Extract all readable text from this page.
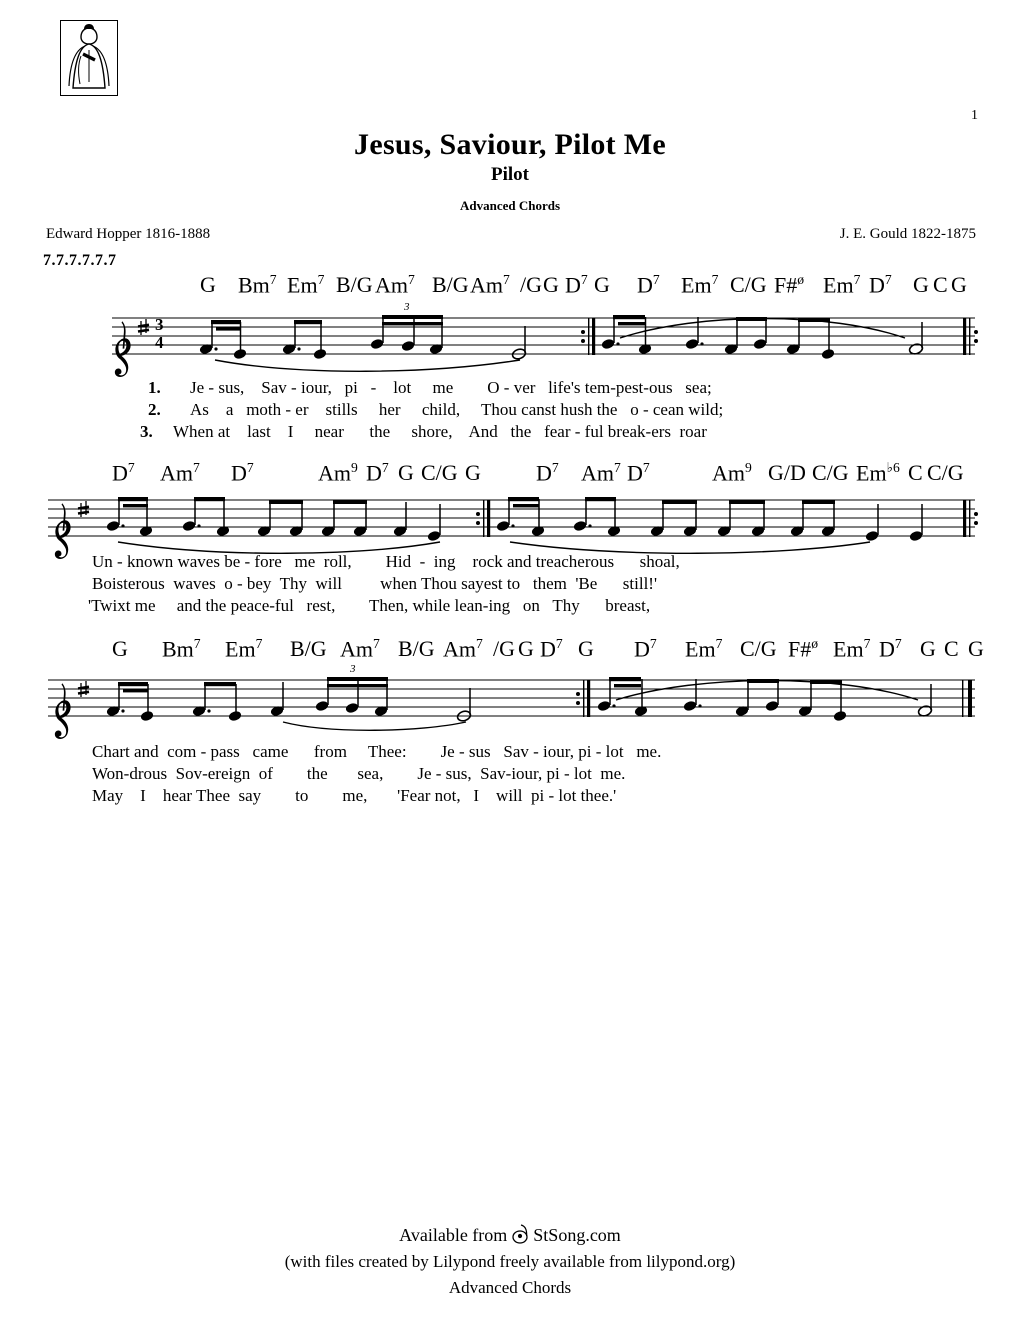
1
Jesus, Saviour, Pilot Me
Pilot
Advanced Chords
Edward Hopper 1816-1888	J. E. Gould 1822-1875
7.7.7.7.7.7
G Bm$^7$ Em$^7$ B/G Am$^7$ B/G Am$^7$ /G G $D^7$ G $D^7$ Em$^7$ C/G F#$^ø$ Em$^7$ $D^7$ G C G
3
4
3
1. Je - sus,    Sav - iour,   pi   -    lot     me        O - ver   life's tem-pest-ous   sea;
2. As    a   moth - er    stills     her     child,     Thou canst hush the   o - cean wild;
3. When at    last    I     near      the     shore,    And   the   fear - ful break-ers  roar
$D^7$ Am$^7$ $D^7$	Am$^9$ $D^7$ G C/G G	$D^7$ Am$^7$ $D^7$	Am$^9$ G/D C/G $Em^{♭6}$ C C/G
Un - known waves be - fore   me  roll,        Hid  -  ing    rock and treacherous      shoal,
Boisterous  waves  o - bey  Thy  will         when Thou sayest to   them  'Be      still!'
'Twixt me     and the peace-ful   rest,        Then, while lean-ing   on   Thy      breast,
G Bm$^7$ Em$^7$ B/G Am$^7$ B/G Am$^7$ /G G $D^7$ G $D^7$ Em$^7$ C/G F#$^ø$ Em$^7$ $D^7$ G C G
3
Chart and  com - pass   came      from     Thee:        Je - sus   Sav - iour, pi - lot   me.
Won-drous  Sov-ereign  of        the       sea,        Je - sus,  Sav-iour, pi - lot  me.
May    I    hear Thee  say        to        me,       'Fear not,   I    will  pi - lot thee.'
Available from StSong.com
(with files created by Lilypond freely available from lilypond.org)
Advanced Chords
